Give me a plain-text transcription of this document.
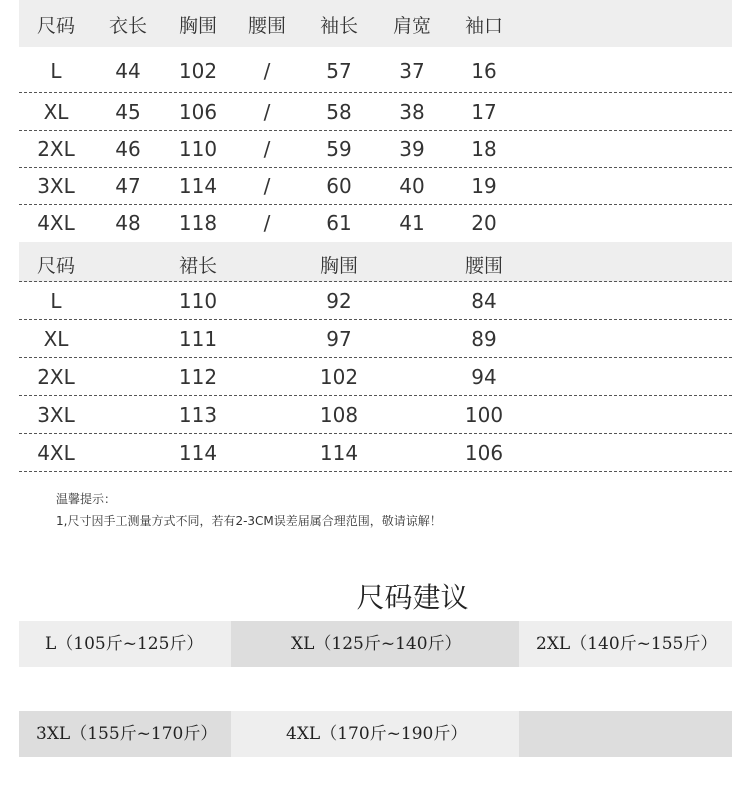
尺码 衣长 胸围 腰围 袖长 肩宽 袖口
L	44 102 /	57 37 16
XL 45 106 /	58 38 17
2XL 46 110 /	59 39 18
3XL 47 114 /	60 40 19
4XL 48 118 /	61 41 20
尺码	裙长	胸围	腰围
L	110	92	84
XL	111	97	89
2XL	112	102	94
3XL	113	108	100
4XL	114	114	106
温馨提示：
1,尺寸因手工测量方式不同，若有2-3CM误差届属合理范围，敬请谅解！
尺码建议
L（105斤~125斤）	XL（125斤~140斤）	2XL（140斤~155斤）
3XL（155斤~170斤）	4XL（170斤~190斤）
